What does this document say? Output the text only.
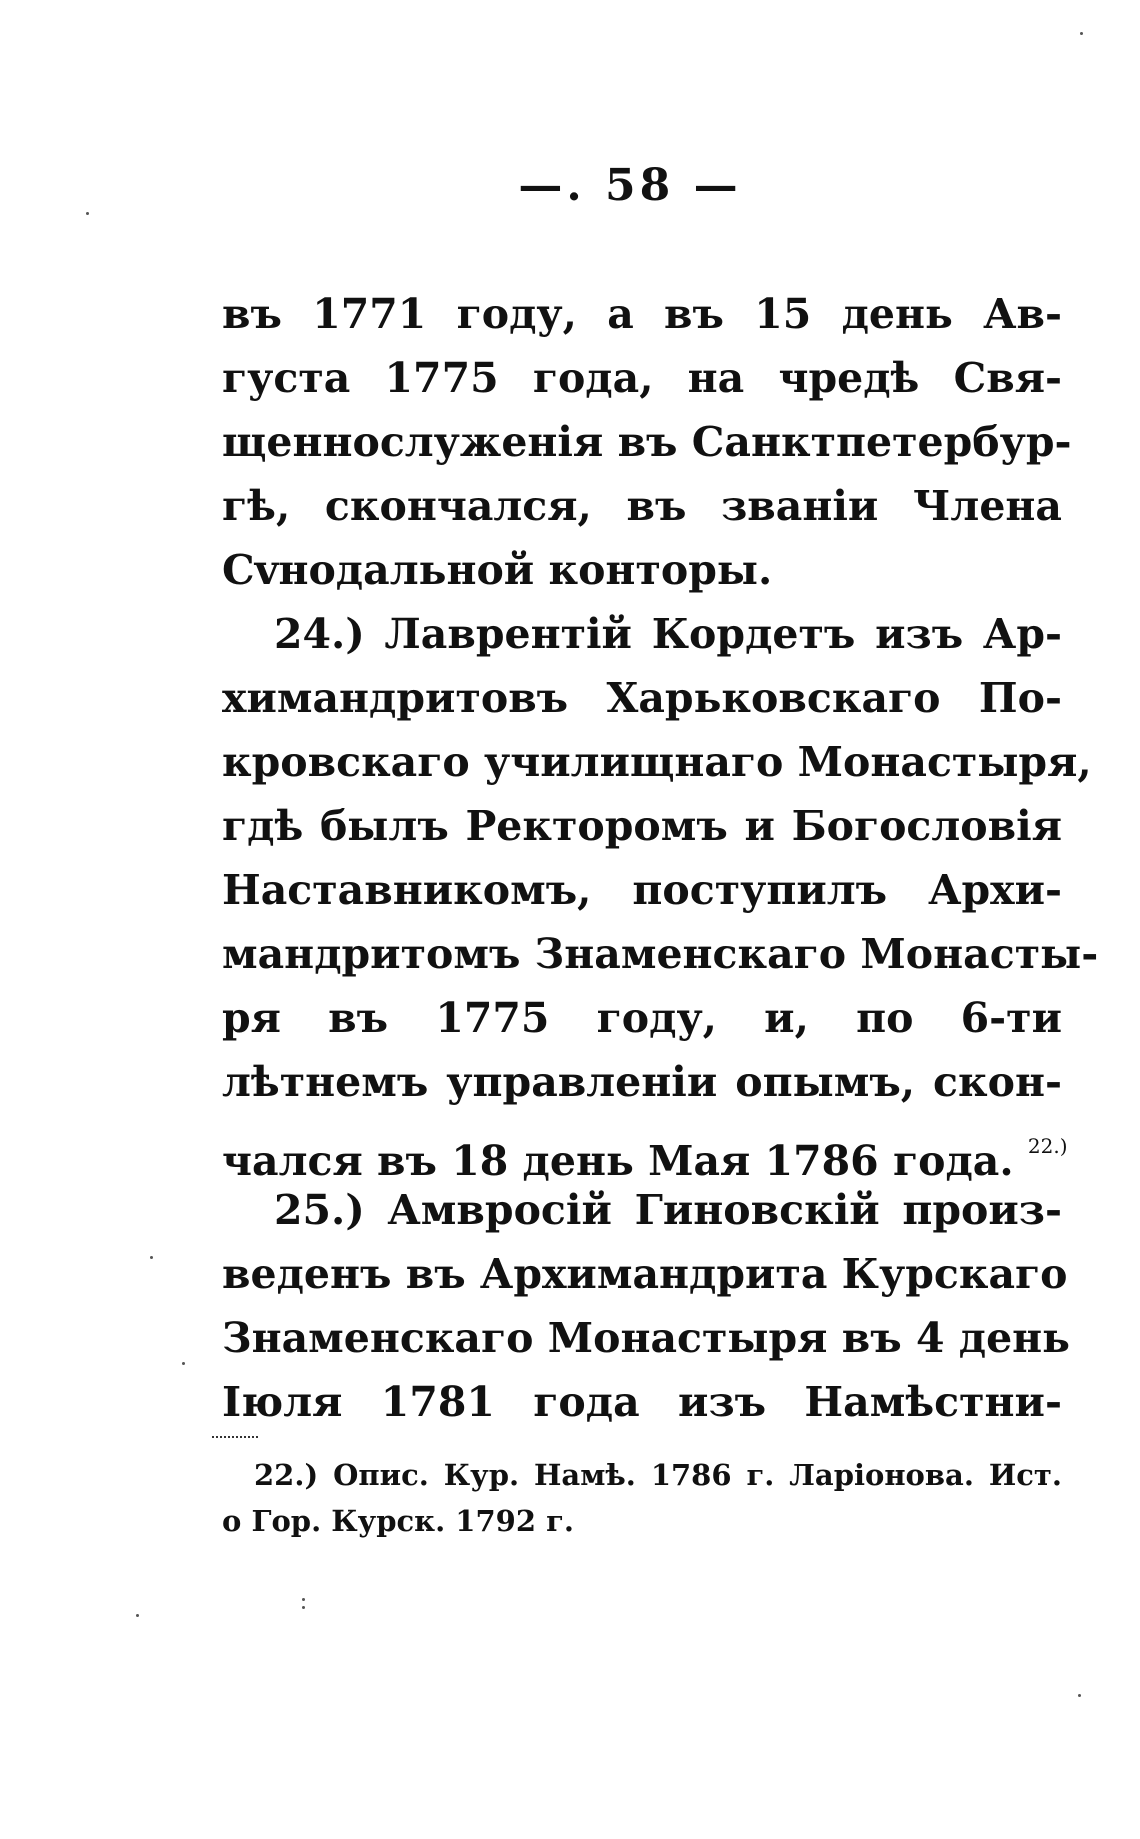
—. 58 —
въ 1771 году, а въ 15 день Ав-
густа 1775 года, на чредѣ Свя-
щеннослуженія въ Санктпетербур-
гѣ, скончался, въ званіи Члена
Сvнодальной конторы.
24.) Лаврентій Кордетъ изъ Ар-
химандритовъ Харьковскаго По-
кровскаго училищнаго Монастыря,
гдѣ былъ Ректоромъ и Богословія
Наставникомъ, поступилъ Архи-
мандритомъ Знаменскаго Монасты-
ря въ 1775 году, и, по 6-ти
лѣтнемъ управленіи опымъ, скон-
чался въ 18 день Мая 1786 года. $^{22.)}$
25.) Амвросій Гиновскій произ-
веденъ въ Архимандрита Курскаго
Знаменскаго Монастыря въ 4 день
Іюля 1781 года изъ Намѣстни-
22.) Опис. Кур. Намѣ. 1786 г. Ларіонова. Ист.
о Гор. Курск. 1792 г.
